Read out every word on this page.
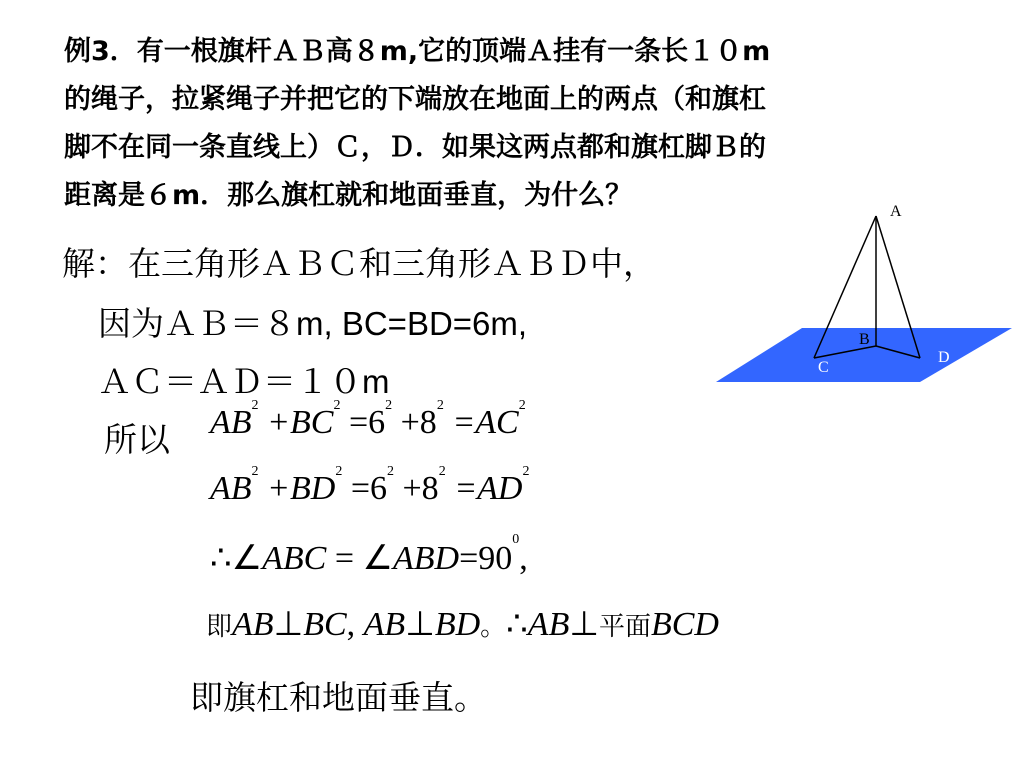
例3．有一根旗杆ＡＢ高８m,它的顶端Ａ挂有一条长１０m
的绳子，拉紧绳子并把它的下端放在地面上的两点（和旗杠
脚不在同一条直线上）Ｃ，Ｄ．如果这两点都和旗杠脚Ｂ的
距离是６m．那么旗杠就和地面垂直，为什么？
解：在三角形ＡＢＣ和三角形ＡＢＤ中，
因为ＡＢ＝８m, BC=BD=6m,
ＡＣ＝ＡＤ＝１０m
所以 $AB^2 +BC^2 =6^2 +8^2 =AC^2$
$AB^2 +BD^2 =6^2 +8^2 =AD^2$
∴∠ABC = $\angle ABD=90^0$,
即AB⊥BC, AB⊥BD。∴AB⊥平面BCD
即旗杠和地面垂直。
A
B
C
D
